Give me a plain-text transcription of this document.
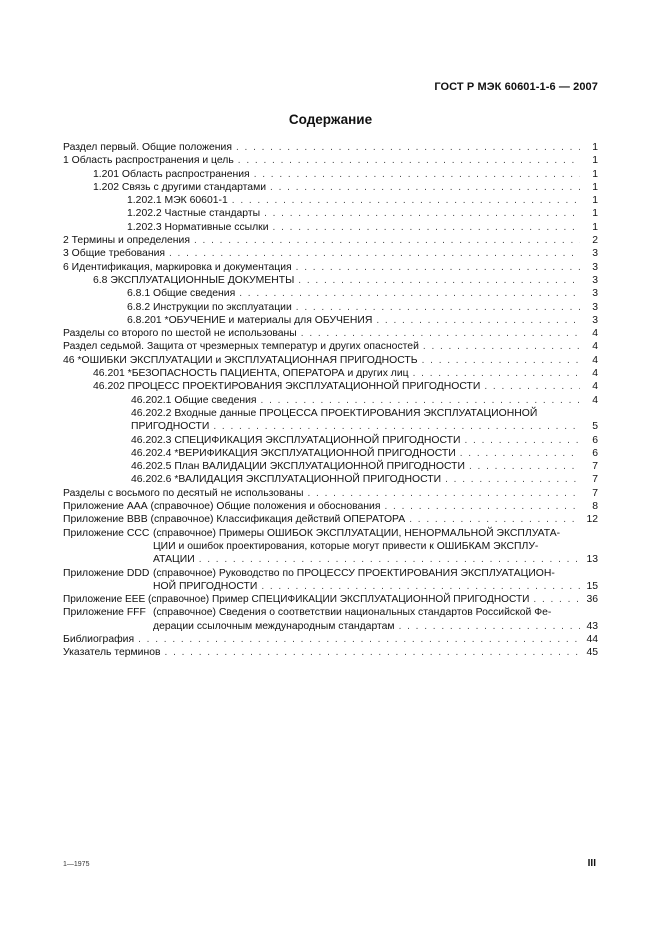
ГОСТ Р МЭК 60601-1-6 — 2007
Содержание
Раздел первый. Общие положения . . .	1
1 Область распространения и цель . . .	1
1.201 Область распространения . . .	1
1.202 Связь с другими стандартами . . .	1
1.202.1 МЭК 60601-1 . . .	1
1.202.2 Частные стандарты . . .	1
1.202.3 Нормативные ссылки . . .	1
2 Термины и определения . . .	2
3 Общие требования . . .	3
6 Идентификация, маркировка и документация . . .	3
6.8 ЭКСПЛУАТАЦИОННЫЕ ДОКУМЕНТЫ . . .	3
6.8.1 Общие сведения . . .	3
6.8.2 Инструкции по эксплуатации . . .	3
6.8.201 *ОБУЧЕНИЕ и материалы для ОБУЧЕНИЯ . . .	3
Разделы со второго по шестой не использованы . . .	4
Раздел седьмой. Защита от чрезмерных температур и других опасностей . . .	4
46 *ОШИБКИ ЭКСПЛУАТАЦИИ и ЭКСПЛУАТАЦИОННАЯ ПРИГОДНОСТЬ . . .	4
46.201 *БЕЗОПАСНОСТЬ ПАЦИЕНТА, ОПЕРАТОРА и других лиц . . .	4
46.202 ПРОЦЕСС ПРОЕКТИРОВАНИЯ ЭКСПЛУАТАЦИОННОЙ ПРИГОДНОСТИ . . .	4
46.202.1 Общие сведения . . .	4
46.202.2 Входные данные ПРОЦЕССА ПРОЕКТИРОВАНИЯ ЭКСПЛУАТАЦИОННОЙ
ПРИГОДНОСТИ . . .	5
46.202.3 СПЕЦИФИКАЦИЯ ЭКСПЛУАТАЦИОННОЙ ПРИГОДНОСТИ . . .	6
46.202.4 *ВЕРИФИКАЦИЯ ЭКСПЛУАТАЦИОННОЙ ПРИГОДНОСТИ . . .	6
46.202.5 План ВАЛИДАЦИИ ЭКСПЛУАТАЦИОННОЙ ПРИГОДНОСТИ . . .	7
46.202.6 *ВАЛИДАЦИЯ ЭКСПЛУАТАЦИОННОЙ ПРИГОДНОСТИ . . .	7
Разделы с восьмого по десятый не использованы . . .	7
Приложение ААА (справочное) Общие положения и обоснования . . .	8
Приложение ВВВ (справочное) Классификация действий ОПЕРАТОРА . . .	12
Приложение ССС (справочное) Примеры ОШИБОК ЭКСПЛУАТАЦИИ, НЕНОРМАЛЬНОЙ ЭКСПЛУАТА-
ЦИИ и ошибок проектирования, которые могут привести к ОШИБКАМ ЭКСПЛУ-
АТАЦИИ . . .	13
Приложение DDD (справочное) Руководство по ПРОЦЕССУ ПРОЕКТИРОВАНИЯ ЭКСПЛУАТАЦИОН-
НОЙ ПРИГОДНОСТИ . . .	15
Приложение ЕЕЕ (справочное) Пример СПЕЦИФИКАЦИИ ЭКСПЛУАТАЦИОННОЙ ПРИГОДНОСТИ . . .	36
Приложение FFF (справочное) Сведения о соответствии национальных стандартов Российской Фе-
дерации ссылочным международным стандартам . . .	43
Библиография . . .	44
Указатель терминов . . .	45
1—1975	III
